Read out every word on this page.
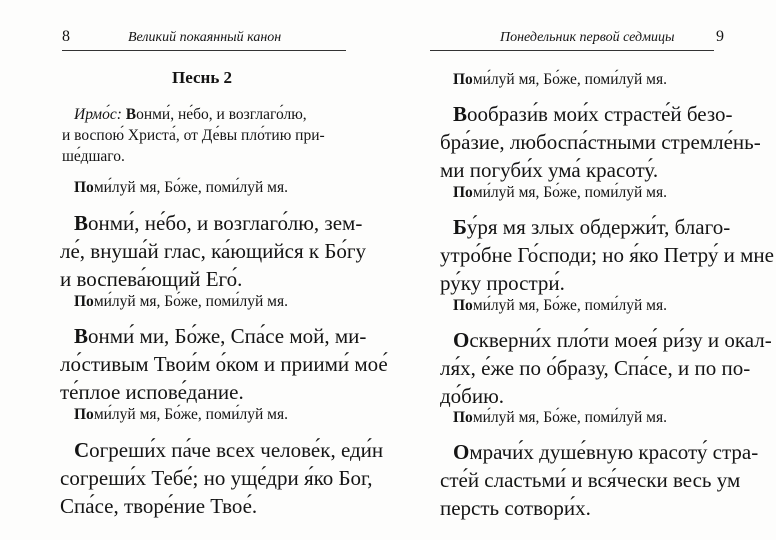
8	Великий покаянный канон
Песнь 2
Ирмо́с: Вонми́, не́бо, и возглаго́лю,
и воспою́ Христа́, от Де́вы пло́тию при-
ше́дшаго.
Поми́луй мя, Бо́же, поми́луй мя.
Вонми́, не́бо, и возглаго́лю, зем-
ле́, внуша́й глас, ка́ющийся к Бо́гу
и воспева́ющий Его́.
Поми́луй мя, Бо́же, поми́луй мя.
Вонми́ ми, Бо́же, Спа́се мой, ми-
ло́стивым Твои́м о́ком и приими́ мое́
те́плое испове́дание.
Поми́луй мя, Бо́же, поми́луй мя.
Согреши́х па́че всех челове́к, еди́н
согреши́х Тебе́; но уще́дри я́ко Бог,
Спа́се, творе́ние Твое́.
Понедельник первой седмицы	9
Поми́луй мя, Бо́же, поми́луй мя.
Вообрази́в мои́х страсте́й безо-
бра́зие, любоспа́стными стремле́нь-
ми погуби́х ума́ красоту́.
Поми́луй мя, Бо́же, поми́луй мя.
Бу́ря мя злых обдержи́т, благо-
утро́бне Го́споди; но я́ко Петру́ и мне
ру́ку простри́.
Поми́луй мя, Бо́же, поми́луй мя.
Оскверни́х пло́ти моея́ ри́зу и окал-
ля́х, е́же по о́бразу, Спа́се, и по по-
до́бию.
Поми́луй мя, Бо́же, поми́луй мя.
Омрачи́х душе́вную красоту́ стра-
сте́й сластьми́ и вся́чески весь ум
персть сотвори́х.
